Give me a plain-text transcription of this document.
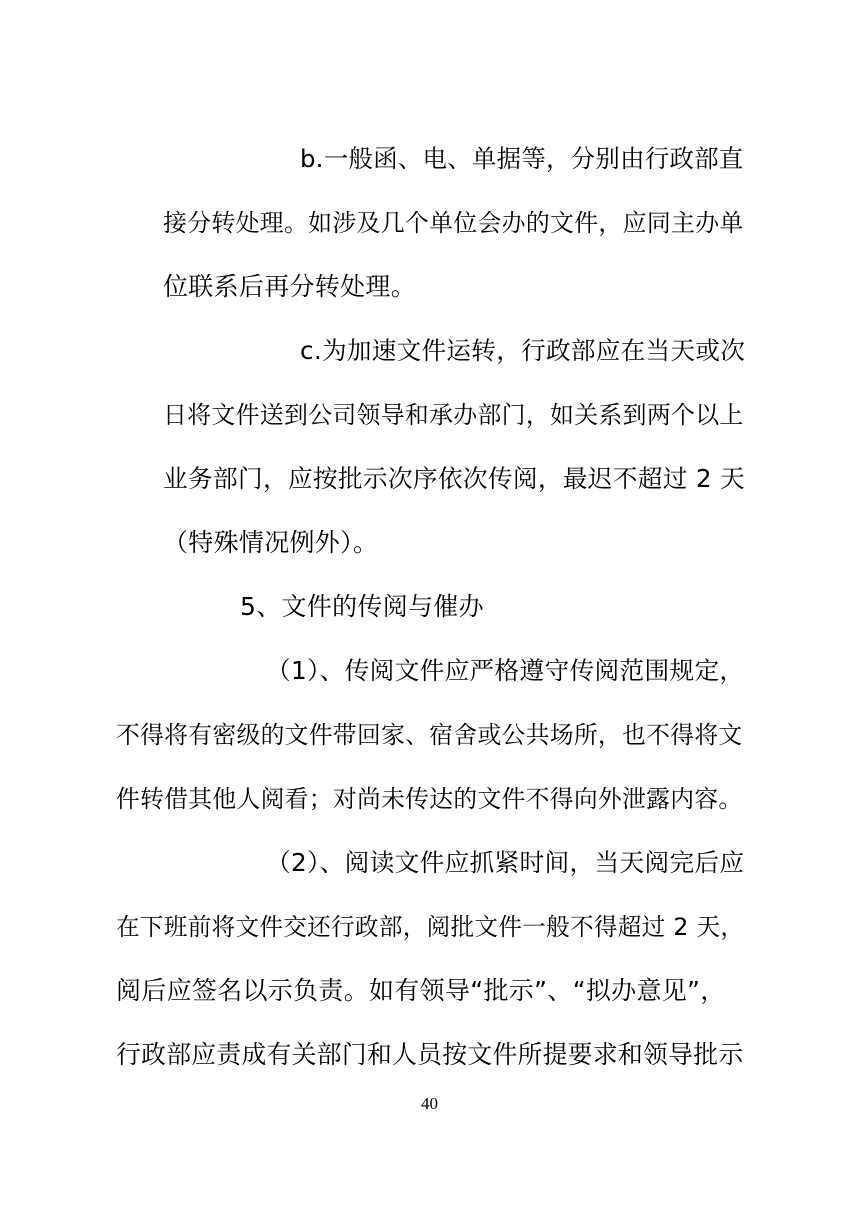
b.一般函、电、单据等，分别由行政部直
接分转处理。如涉及几个单位会办的文件，应同主办单
位联系后再分转处理。
c.为加速文件运转，行政部应在当天或次
日将文件送到公司领导和承办部门，如关系到两个以上
业务部门，应按批示次序依次传阅，最迟不超过 2 天
（特殊情况例外）。
5、文件的传阅与催办
（1）、传阅文件应严格遵守传阅范围规定，
不得将有密级的文件带回家、宿舍或公共场所，也不得将文
件转借其他人阅看；对尚未传达的文件不得向外泄露内容。
（2）、阅读文件应抓紧时间，当天阅完后应
在下班前将文件交还行政部，阅批文件一般不得超过 2 天，
阅后应签名以示负责。如有领导“批示”、“拟办意见”，
行政部应责成有关部门和人员按文件所提要求和领导批示
40
